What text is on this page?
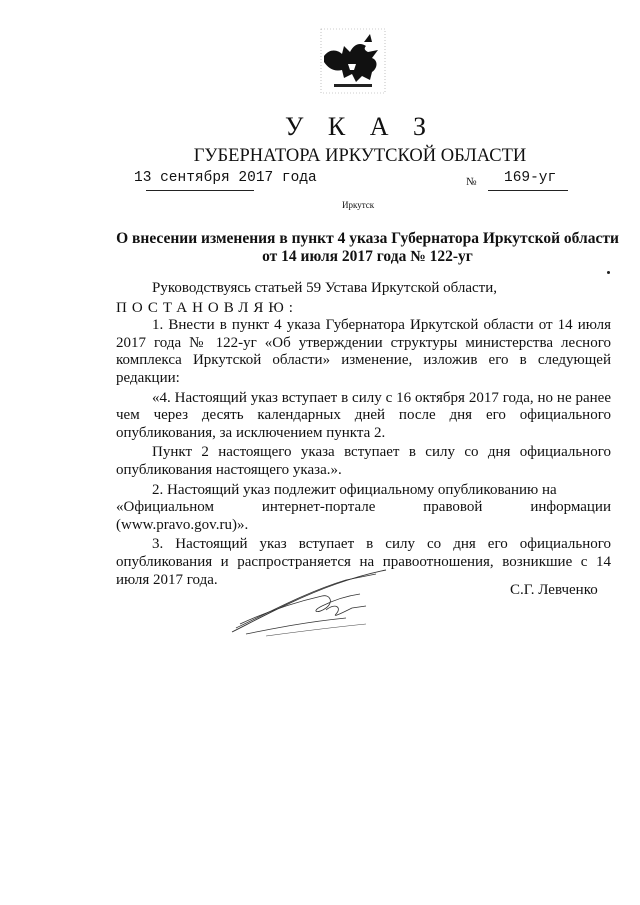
У К А З
ГУБЕРНАТОРА ИРКУТСКОЙ ОБЛАСТИ
13 сентября 2017 года	№ 169-уг
Иркутск
О внесении изменения в пункт 4 указа Губернатора Иркутской области
от 14 июля 2017 года № 122-уг

Руководствуясь статьей 59 Устава Иркутской области,

ПОСТАНОВЛЯЮ:

1. Внести в пункт 4 указа Губернатора Иркутской области от 14 июля 2017 года № 122-уг «Об утверждении структуры министерства лесного комплекса Иркутской области» изменение, изложив его в следующей редакции:

«4. Настоящий указ вступает в силу с 16 октября 2017 года, но не ранее чем через десять календарных дней после дня его официального опубликования, за исключением пункта 2.

Пункт 2 настоящего указа вступает в силу со дня официального опубликования настоящего указа.».

2. Настоящий указ подлежит официальному опубликованию на

«Официальном интернет-портале правовой информации (www.pravo.gov.ru)».

3. Настоящий указ вступает в силу со дня его официального опубликования и распространяется на правоотношения, возникшие с 14 июля 2017 года.

С.Г. Левченко
